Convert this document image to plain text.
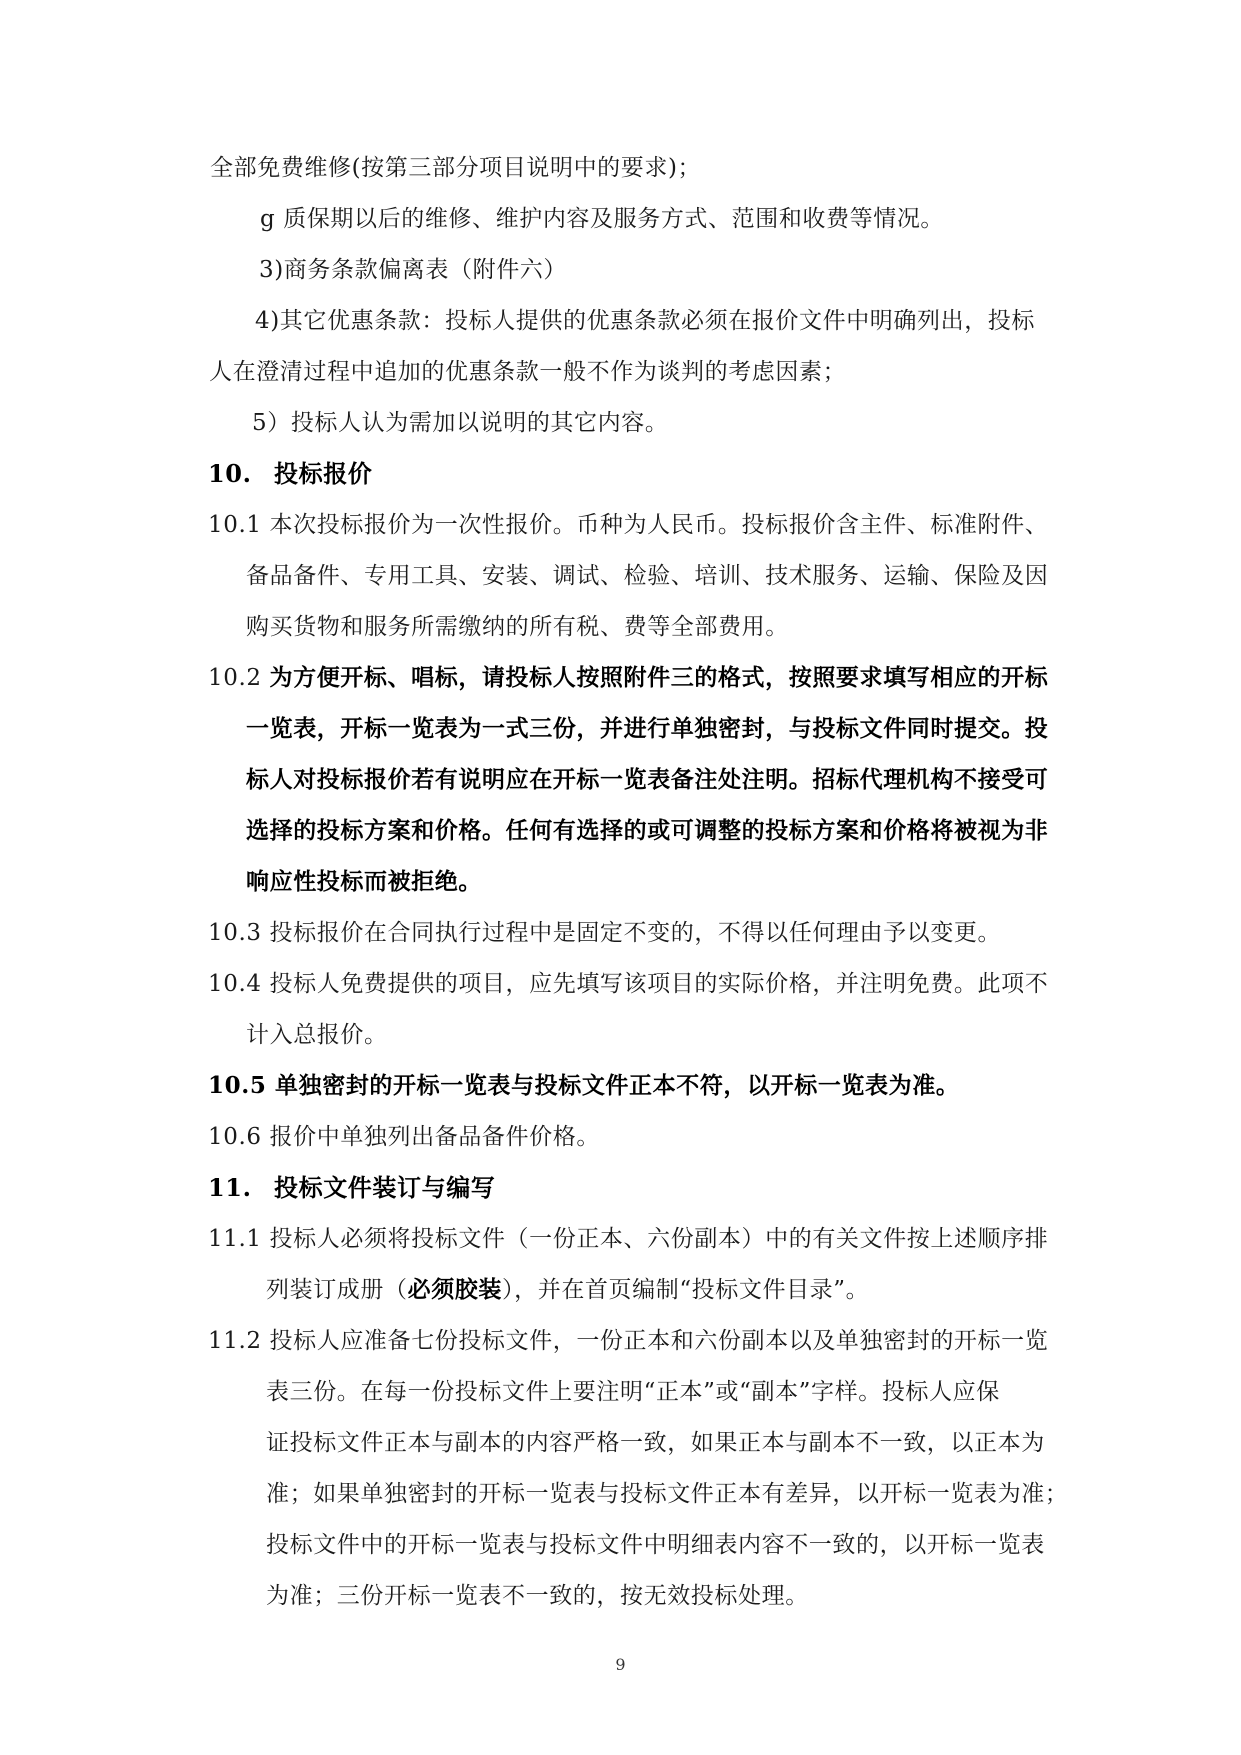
全部免费维修(按第三部分项目说明中的要求)；
g 质保期以后的维修、维护内容及服务方式、范围和收费等情况。
3)商务条款偏离表（附件六）
4)其它优惠条款：投标人提供的优惠条款必须在报价文件中明确列出，投标
人在澄清过程中追加的优惠条款一般不作为谈判的考虑因素；
5）投标人认为需加以说明的其它内容。
10. 投标报价
10.1 本次投标报价为一次性报价。币种为人民币。投标报价含主件、标准附件、
备品备件、专用工具、安装、调试、检验、培训、技术服务、运输、保险及因
购买货物和服务所需缴纳的所有税、费等全部费用。
10.2 为方便开标、唱标，请投标人按照附件三的格式，按照要求填写相应的开标
一览表，开标一览表为一式三份，并进行单独密封，与投标文件同时提交。投
标人对投标报价若有说明应在开标一览表备注处注明。招标代理机构不接受可
选择的投标方案和价格。任何有选择的或可调整的投标方案和价格将被视为非
响应性投标而被拒绝。
10.3 投标报价在合同执行过程中是固定不变的，不得以任何理由予以变更。
10.4 投标人免费提供的项目，应先填写该项目的实际价格，并注明免费。此项不
计入总报价。
10.5 单独密封的开标一览表与投标文件正本不符，以开标一览表为准。
10.6 报价中单独列出备品备件价格。
11. 投标文件装订与编写
11.1 投标人必须将投标文件（一份正本、六份副本）中的有关文件按上述顺序排
列装订成册（必须胶装），并在首页编制“投标文件目录”。
11.2 投标人应准备七份投标文件，一份正本和六份副本以及单独密封的开标一览
表三份。在每一份投标文件上要注明“正本”或“副本”字样。投标人应保
证投标文件正本与副本的内容严格一致，如果正本与副本不一致，以正本为
准；如果单独密封的开标一览表与投标文件正本有差异，以开标一览表为准；
投标文件中的开标一览表与投标文件中明细表内容不一致的，以开标一览表
为准；三份开标一览表不一致的，按无效投标处理。
9
